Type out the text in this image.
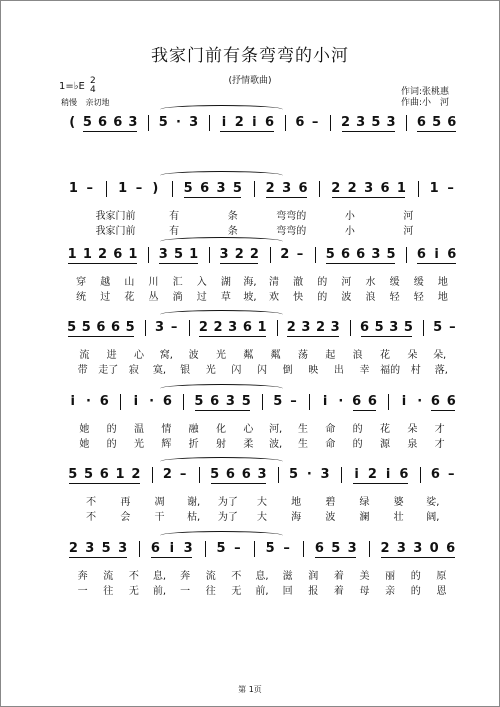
我家门前有条弯弯的小河
(抒情歌曲)
1=♭E 2
4
稍慢 亲切地
作词:张桃惠
作曲:小　河
( 5 6 6 3 5 · 3 i 2 i 6 6 – 2 3 5 3 6 5 6
1 – 1 – ) 5 6 3 5 2 3 6 2 2 3 6 1 1 –
我家门前	有	条	弯弯的	小	河
我家门前	有	条	弯弯的	小	河
1 1 2 6 1 3 5 1 3 2 2 2 – 5 6 6 3 5 6 i 6
穿 越 山 川 汇 入 湖 海, 清 澈 的 河 水 缓 缓 地
统 过 花 丛 淌 过 草 坡, 欢 快 的 波 浪 轻 轻 地
5 5 6 6 5 3 – 2 2 3 6 1 2 3 2 3 6 5 3 5 5 –
流 进 心 窝, 波 光 粼 粼 荡 起 浪 花 朵 朵,
带 走了 寂 寞, 银 光 闪 闪 倒 映 出 幸 福的 村 落,
i · 6 i · 6 5 6 3 5 5 – i · 6 6 i · 6 6
她 的 温 情 融 化 心 河, 生 命 的 花 朵 才
她 的 光 辉 折 射 柔 波, 生 命 的 源 泉 才
5 5 6 1 2 2 – 5 6 6 3 5 · 3 i 2 i 6 6 –
不 再 凋 谢, 为了 大 地 碧 绿 婆 娑,
不 会 干 枯, 为了 大 海 波 澜 壮 阔,
2 3 5 3 6 i 3 5 – 5 – 6 5 3 2 3 3 0 6
奔 流 不 息, 奔 流 不 息, 滋 润 着 美 丽 的 原
一 往 无 前, 一 往 无 前, 回 报 着 母 亲 的 恩
第 1页
